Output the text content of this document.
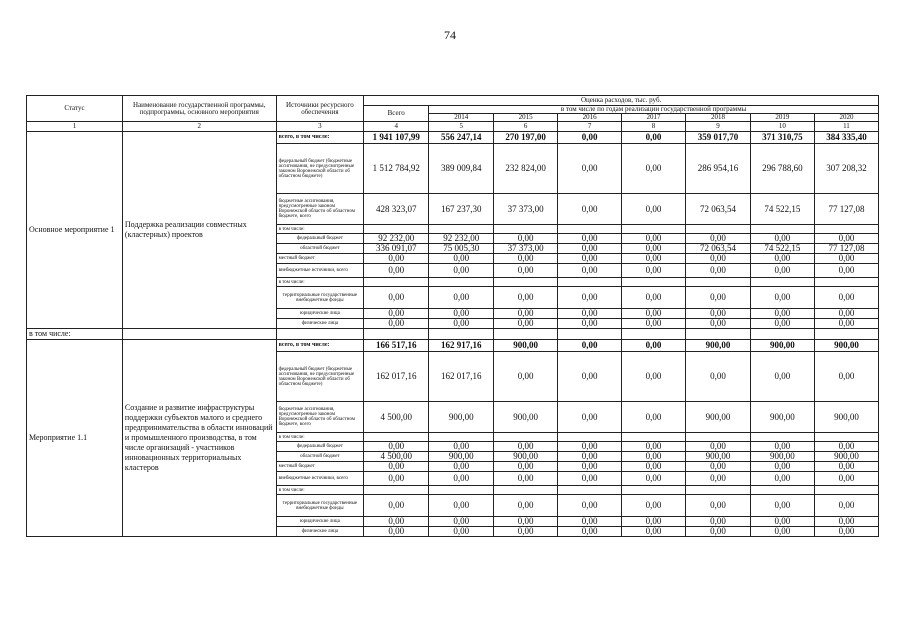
74
Статус	Наименование государственной программы, подпрограммы, основного мероприятия	Источники ресурсного обеспечения	Оценка расходов, тыс. руб.							
			Всего	в том числе по годам реализации государственной программы						
				2014	2015	2016	2017	2018	2019	2020
1	2	3	4	5	6	7	8	9	10	11
Основное мероприятие 1	Поддержка реализации совместных (кластерных) проектов	всего, в том числе:	1 941 107,99	556 247,14	270 197,00	0,00	0,00	359 017,70	371 310,75	384 335,40
		федеральный бюджет (бюджетные ассигнования, не предусмотренные законом Воронежской области об областном бюджете)	1 512 784,92	389 009,84	232 824,00	0,00	0,00	286 954,16	296 788,60	307 208,32
		бюджетные ассигнования, предусмотренные законом Воронежской области об областном бюджете, всего	428 323,07	167 237,30	37 373,00	0,00	0,00	72 063,54	74 522,15	77 127,08
		в том числе:								
		федеральный бюджет	92 232,00	92 232,00	0,00	0,00	0,00	0,00	0,00	0,00
		областной бюджет	336 091,07	75 005,30	37 373,00	0,00	0,00	72 063,54	74 522,15	77 127,08
		местный бюджет	0,00	0,00	0,00	0,00	0,00	0,00	0,00	0,00
		внебюджетные источники, всего	0,00	0,00	0,00	0,00	0,00	0,00	0,00	0,00
		в том числе:								
		территориальные государственные внебюджетные фонды	0,00	0,00	0,00	0,00	0,00	0,00	0,00	0,00
		юридические лица	0,00	0,00	0,00	0,00	0,00	0,00	0,00	0,00
		физические лица	0,00	0,00	0,00	0,00	0,00	0,00	0,00	0,00
в том числе:										
Мероприятие 1.1	Создание и развитие инфраструктуры поддержки субъектов малого и среднего предпринимательства в области инноваций и промышленного производства, в том числе организаций - участников инновационных территориальных кластеров	всего, в том числе:	166 517,16	162 917,16	900,00	0,00	0,00	900,00	900,00	900,00
		федеральный бюджет (бюджетные ассигнования, не предусмотренные законом Воронежской области об областном бюджете)	162 017,16	162 017,16	0,00	0,00	0,00	0,00	0,00	0,00
		бюджетные ассигнования, предусмотренные законом Воронежской области об областном бюджете, всего	4 500,00	900,00	900,00	0,00	0,00	900,00	900,00	900,00
		в том числе:								
		федеральный бюджет	0,00	0,00	0,00	0,00	0,00	0,00	0,00	0,00
		областной бюджет	4 500,00	900,00	900,00	0,00	0,00	900,00	900,00	900,00
		местный бюджет	0,00	0,00	0,00	0,00	0,00	0,00	0,00	0,00
		внебюджетные источники, всего	0,00	0,00	0,00	0,00	0,00	0,00	0,00	0,00
		в том числе:								
		территориальные государственные внебюджетные фонды	0,00	0,00	0,00	0,00	0,00	0,00	0,00	0,00
		юридические лица	0,00	0,00	0,00	0,00	0,00	0,00	0,00	0,00
		физические лица	0,00	0,00	0,00	0,00	0,00	0,00	0,00	0,00
